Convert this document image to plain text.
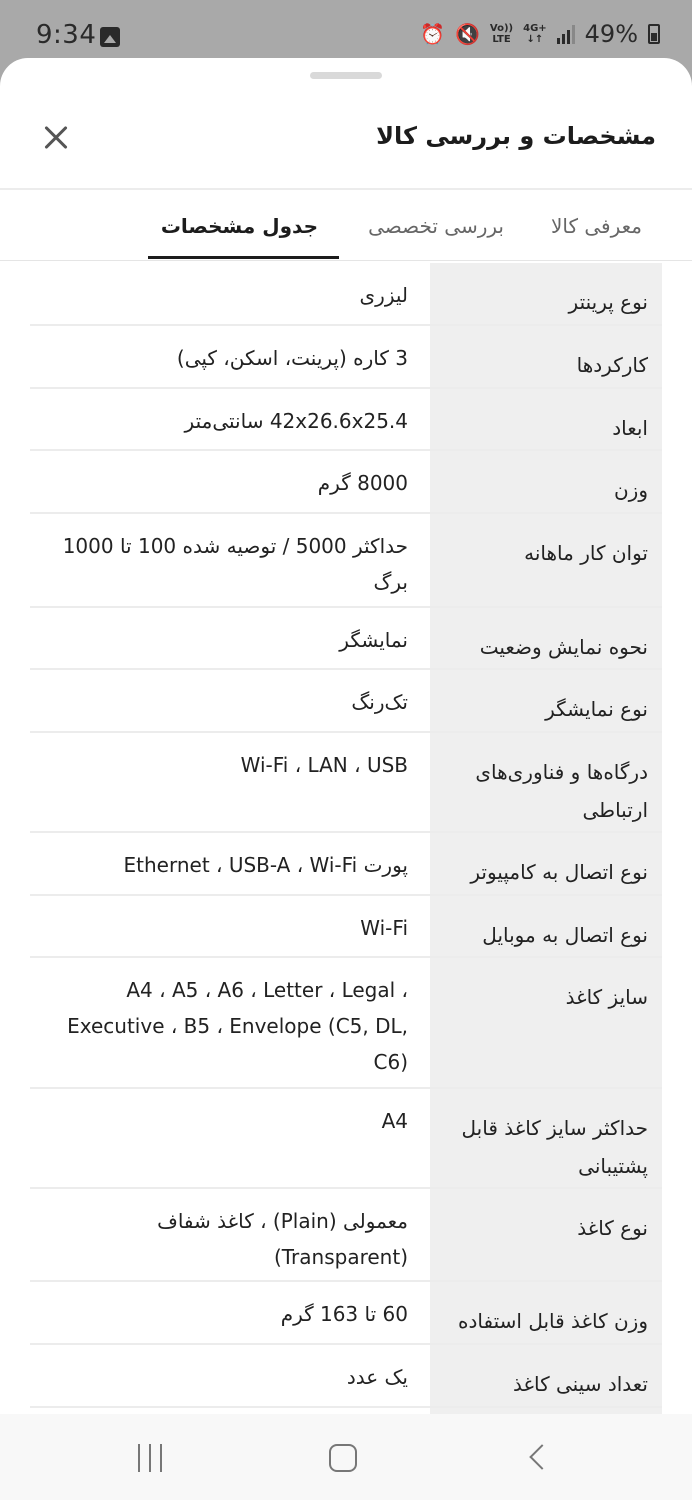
9:34	⏰ 🔇 Vo))
LTE
4G+
↓↑ 49%
مشخصات و بررسی کالا
معرفی کالا
بررسی تخصصی
جدول مشخصات
نوع پرینتر
لیزری
کارکردها
3 کاره (پرینت، اسکن، کپی)
ابعاد
42x26.6x25.4 سانتی‌متر
وزن
8000 گرم
توان کار ماهانه
حداکثر 5000 / توصیه شده 100 تا 1000 برگ
نحوه نمایش وضعیت
نمایشگر
نوع نمایشگر
تک‌رنگ
درگاه‌ها و فناوری‌های ارتباطی
Wi-Fi ، LAN ، USB
نوع اتصال به کامپیوتر
پورت Ethernet ، USB-A ، Wi-Fi
نوع اتصال به موبایل
Wi-Fi
سایز کاغذ
A4 ، A5 ، A6 ، Letter ، Legal ، Executive ، B5 ، Envelope (C5, DL, C6)
حداکثر سایز کاغذ قابل پشتیبانی
A4
نوع کاغذ
معمولی (Plain) ، کاغذ شفاف (Transparent)
وزن کاغذ قابل استفاده
60 تا 163 گرم
تعداد سینی کاغذ
یک عدد
